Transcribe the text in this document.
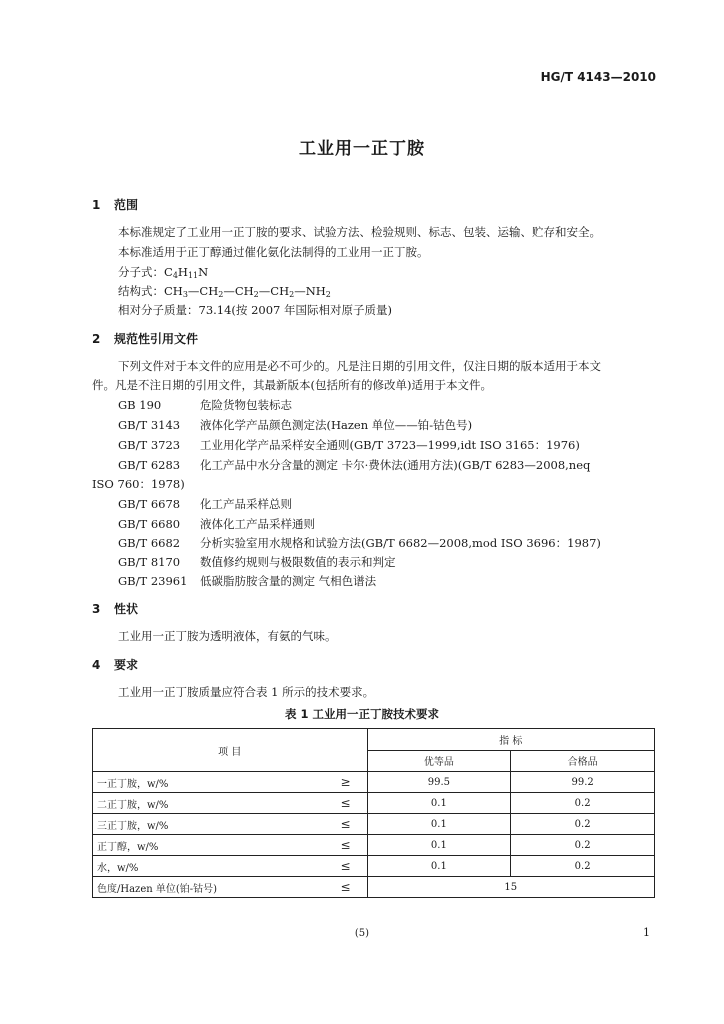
HG/T 4143—2010
工业用一正丁胺
1 范围
本标准规定了工业用一正丁胺的要求、试验方法、检验规则、标志、包装、运输、贮存和安全。
本标准适用于正丁醇通过催化氨化法制得的工业用一正丁胺。
分子式：$C_4H_{11}N$
结构式：$CH_3—CH_2—CH_2—CH_2—NH_2$
相对分子质量：73.14(按 2007 年国际相对原子质量)
2 规范性引用文件
下列文件对于本文件的应用是必不可少的。凡是注日期的引用文件，仅注日期的版本适用于本文
件。凡是不注日期的引用文件，其最新版本(包括所有的修改单)适用于本文件。
GB 190	危险货物包装标志
GB/T 3143 液体化学产品颜色测定法(Hazen 单位——铂-钴色号)
GB/T 3723 工业用化学产品采样安全通则(GB/T 3723—1999,idt ISO 3165：1976)
GB/T 6283 化工产品中水分含量的测定 卡尔·费休法(通用方法)(GB/T 6283—2008,neq
ISO 760：1978)
GB/T 6678 化工产品采样总则
GB/T 6680 液体化工产品采样通则
GB/T 6682 分析实验室用水规格和试验方法(GB/T 6682—2008,mod ISO 3696：1987)
GB/T 8170 数值修约规则与极限数值的表示和判定
GB/T 23961 低碳脂肪胺含量的测定 气相色谱法
3 性状
工业用一正丁胺为透明液体，有氨的气味。
4 要求
工业用一正丁胺质量应符合表 1 所示的技术要求。
表 1 工业用一正丁胺技术要求
项 目	指 标	
	优等品	合格品

一正丁胺，w/% ≥	99.5	99.2

二正丁胺，w/% ≤	0.1	0.2

三正丁胺，w/% ≤	0.1	0.2

正丁醇，w/% ≤	0.1	0.2

水，w/% ≤	0.1	0.2

色度/Hazen 单位(铂-钴号) ≤	15	
(5)	1
